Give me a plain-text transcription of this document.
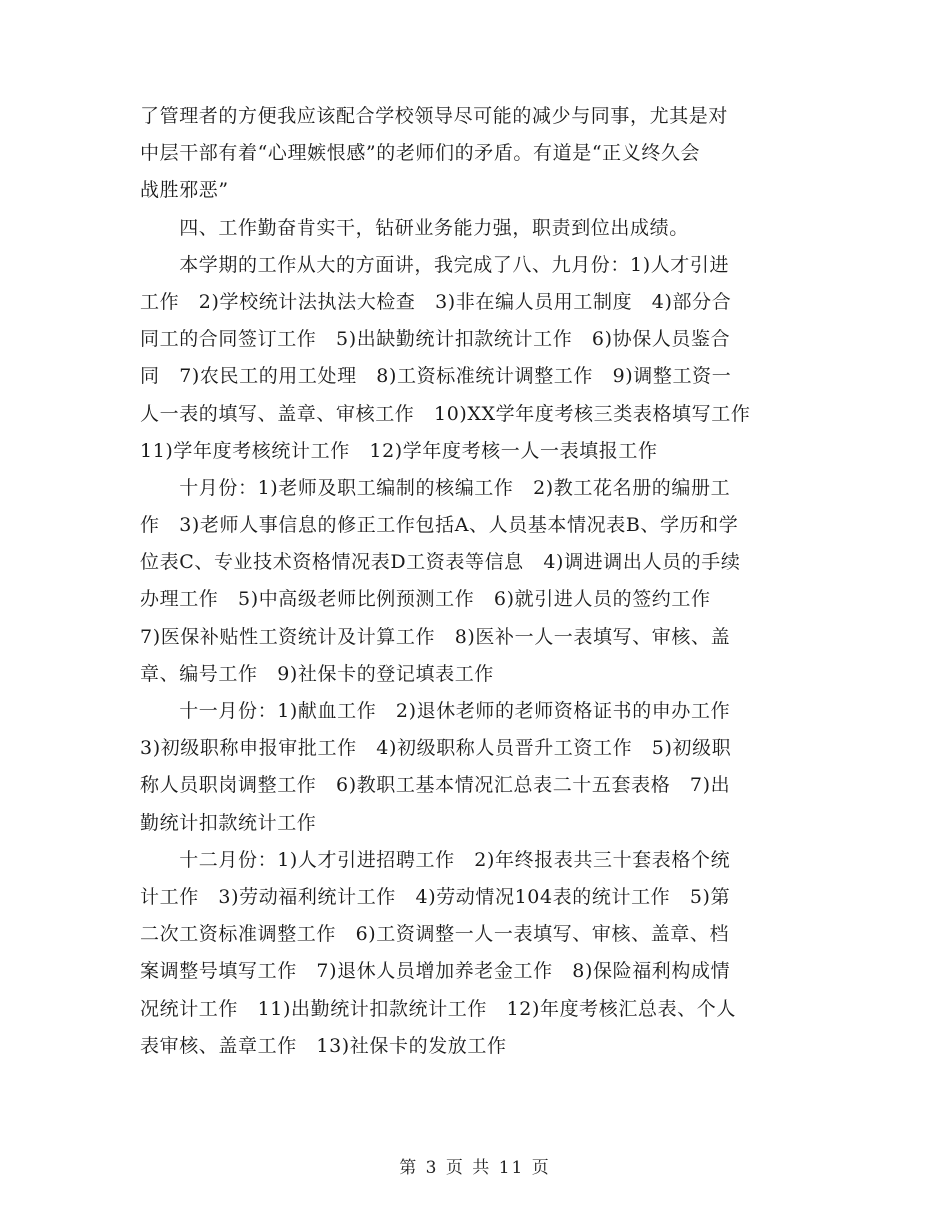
了管理者的方便我应该配合学校领导尽可能的减少与同事，尤其是对
中层干部有着“心理嫉恨感”的老师们的矛盾。有道是“正义终久会
战胜邪恶”
　　四、工作勤奋肯实干，钻研业务能力强，职责到位出成绩。
　　本学期的工作从大的方面讲，我完成了八、九月份：1)人才引进
工作　2)学校统计法执法大检查　3)非在编人员用工制度　4)部分合
同工的合同签订工作　5)出缺勤统计扣款统计工作　6)协保人员鉴合
同　7)农民工的用工处理　8)工资标准统计调整工作　9)调整工资一
人一表的填写、盖章、审核工作　10)XX学年度考核三类表格填写工作
11)学年度考核统计工作　12)学年度考核一人一表填报工作
　　十月份：1)老师及职工编制的核编工作　2)教工花名册的编册工
作　3)老师人事信息的修正工作包括A、人员基本情况表B、学历和学
位表C、专业技术资格情况表D工资表等信息　4)调进调出人员的手续
办理工作　5)中高级老师比例预测工作　6)就引进人员的签约工作
7)医保补贴性工资统计及计算工作　8)医补一人一表填写、审核、盖
章、编号工作　9)社保卡的登记填表工作
　　十一月份：1)献血工作　2)退休老师的老师资格证书的申办工作
3)初级职称申报审批工作　4)初级职称人员晋升工资工作　5)初级职
称人员职岗调整工作　6)教职工基本情况汇总表二十五套表格　7)出
勤统计扣款统计工作
　　十二月份：1)人才引进招聘工作　2)年终报表共三十套表格个统
计工作　3)劳动福利统计工作　4)劳动情况104表的统计工作　5)第
二次工资标准调整工作　6)工资调整一人一表填写、审核、盖章、档
案调整号填写工作　7)退休人员增加养老金工作　8)保险福利构成情
况统计工作　11)出勤统计扣款统计工作　12)年度考核汇总表、个人
表审核、盖章工作　13)社保卡的发放工作
第 3 页 共 11 页
